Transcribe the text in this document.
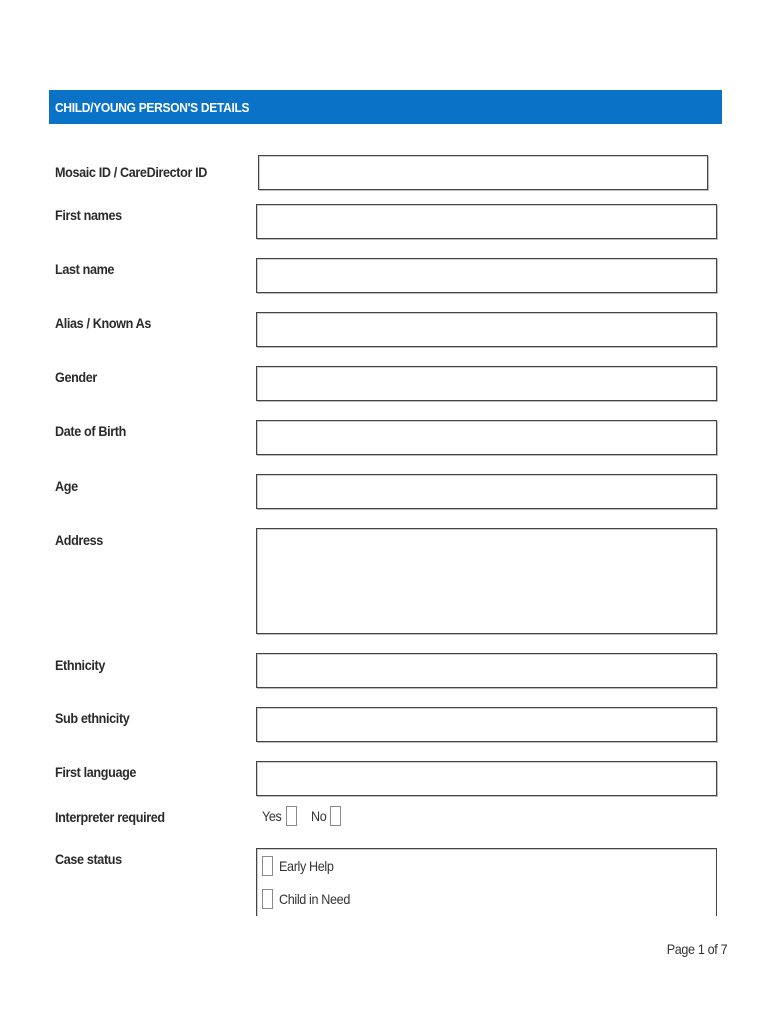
CHILD/YOUNG PERSON'S DETAILS
Mosaic ID / CareDirector ID
First names
Last name
Alias / Known As
Gender
Date of Birth
Age
Address
Ethnicity
Sub ethnicity
First language
Interpreter required	Yes No
Case status	Early Help
Child in Need
Page 1 of 7
